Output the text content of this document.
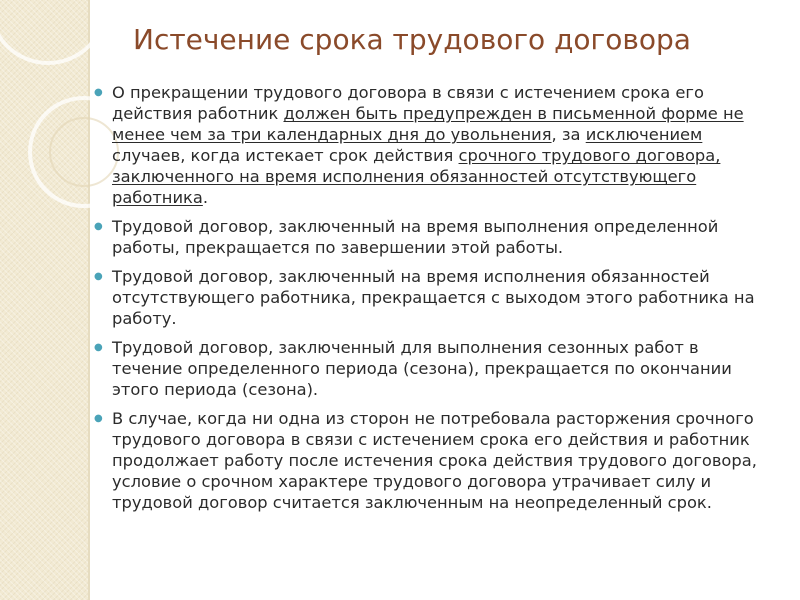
Истечение срока трудового договора
● О прекращении трудового договора в связи с истечением срока его действия работник должен быть предупрежден в письменной форме не менее чем за три календарных дня до увольнения, за исключением случаев, когда истекает срок действия срочного трудового договора, заключенного на время исполнения обязанностей отсутствующего работника.
● Трудовой договор, заключенный на время выполнения определенной работы, прекращается по завершении этой работы.
● Трудовой договор, заключенный на время исполнения обязанностей отсутствующего работника, прекращается с выходом этого работника на работу.
● Трудовой договор, заключенный для выполнения сезонных работ в течение определенного периода (сезона), прекращается по окончании этого периода (сезона).
● В случае, когда ни одна из сторон не потребовала расторжения срочного трудового договора в связи с истечением срока его действия и работник продолжает работу после истечения срока действия трудового договора, условие о срочном характере трудового договора утрачивает силу и трудовой договор считается заключенным на неопределенный срок.
